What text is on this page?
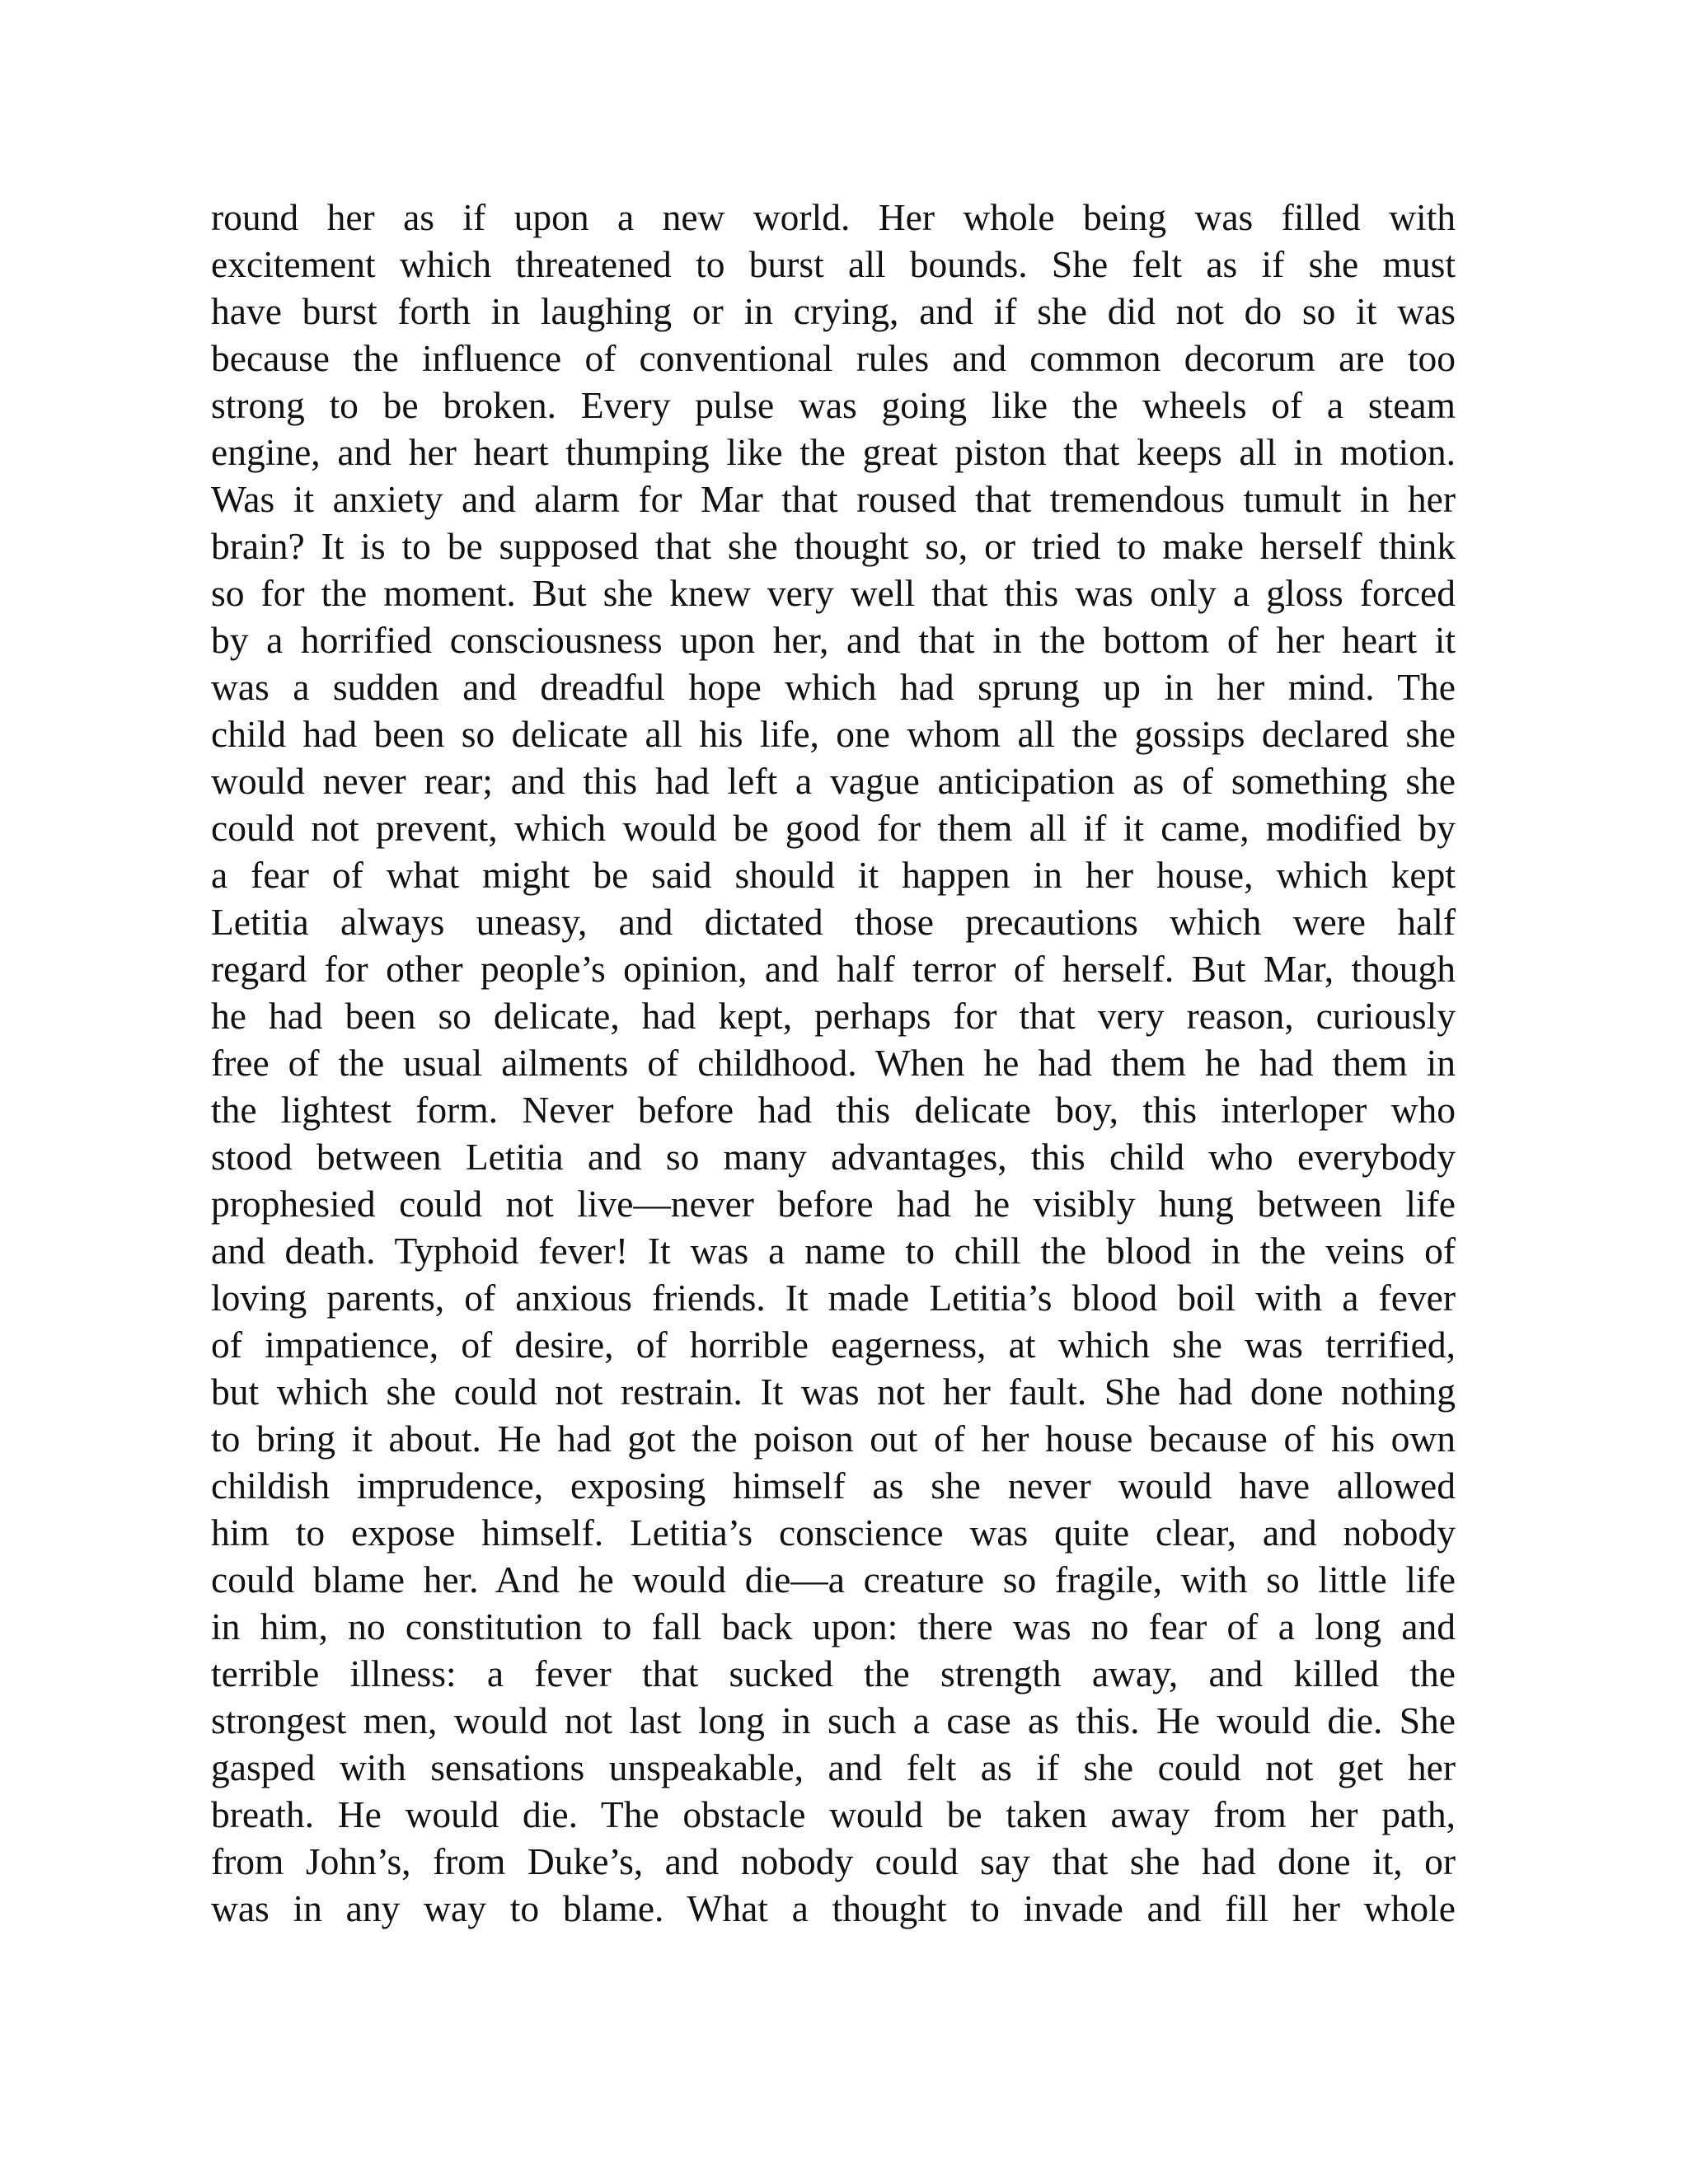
round her as if upon a new world. Her whole being was filled with
excitement which threatened to burst all bounds. She felt as if she must
have burst forth in laughing or in crying, and if she did not do so it was
because the influence of conventional rules and common decorum are too
strong to be broken. Every pulse was going like the wheels of a steam
engine, and her heart thumping like the great piston that keeps all in motion.
Was it anxiety and alarm for Mar that roused that tremendous tumult in her
brain? It is to be supposed that she thought so, or tried to make herself think
so for the moment. But she knew very well that this was only a gloss forced
by a horrified consciousness upon her, and that in the bottom of her heart it
was a sudden and dreadful hope which had sprung up in her mind. The
child had been so delicate all his life, one whom all the gossips declared she
would never rear; and this had left a vague anticipation as of something she
could not prevent, which would be good for them all if it came, modified by
a fear of what might be said should it happen in her house, which kept
Letitia always uneasy, and dictated those precautions which were half
regard for other people’s opinion, and half terror of herself. But Mar, though
he had been so delicate, had kept, perhaps for that very reason, curiously
free of the usual ailments of childhood. When he had them he had them in
the lightest form. Never before had this delicate boy, this interloper who
stood between Letitia and so many advantages, this child who everybody
prophesied could not live—never before had he visibly hung between life
and death. Typhoid fever! It was a name to chill the blood in the veins of
loving parents, of anxious friends. It made Letitia’s blood boil with a fever
of impatience, of desire, of horrible eagerness, at which she was terrified,
but which she could not restrain. It was not her fault. She had done nothing
to bring it about. He had got the poison out of her house because of his own
childish imprudence, exposing himself as she never would have allowed
him to expose himself. Letitia’s conscience was quite clear, and nobody
could blame her. And he would die—a creature so fragile, with so little life
in him, no constitution to fall back upon: there was no fear of a long and
terrible illness: a fever that sucked the strength away, and killed the
strongest men, would not last long in such a case as this. He would die. She
gasped with sensations unspeakable, and felt as if she could not get her
breath. He would die. The obstacle would be taken away from her path,
from John’s, from Duke’s, and nobody could say that she had done it, or
was in any way to blame. What a thought to invade and fill her whole
